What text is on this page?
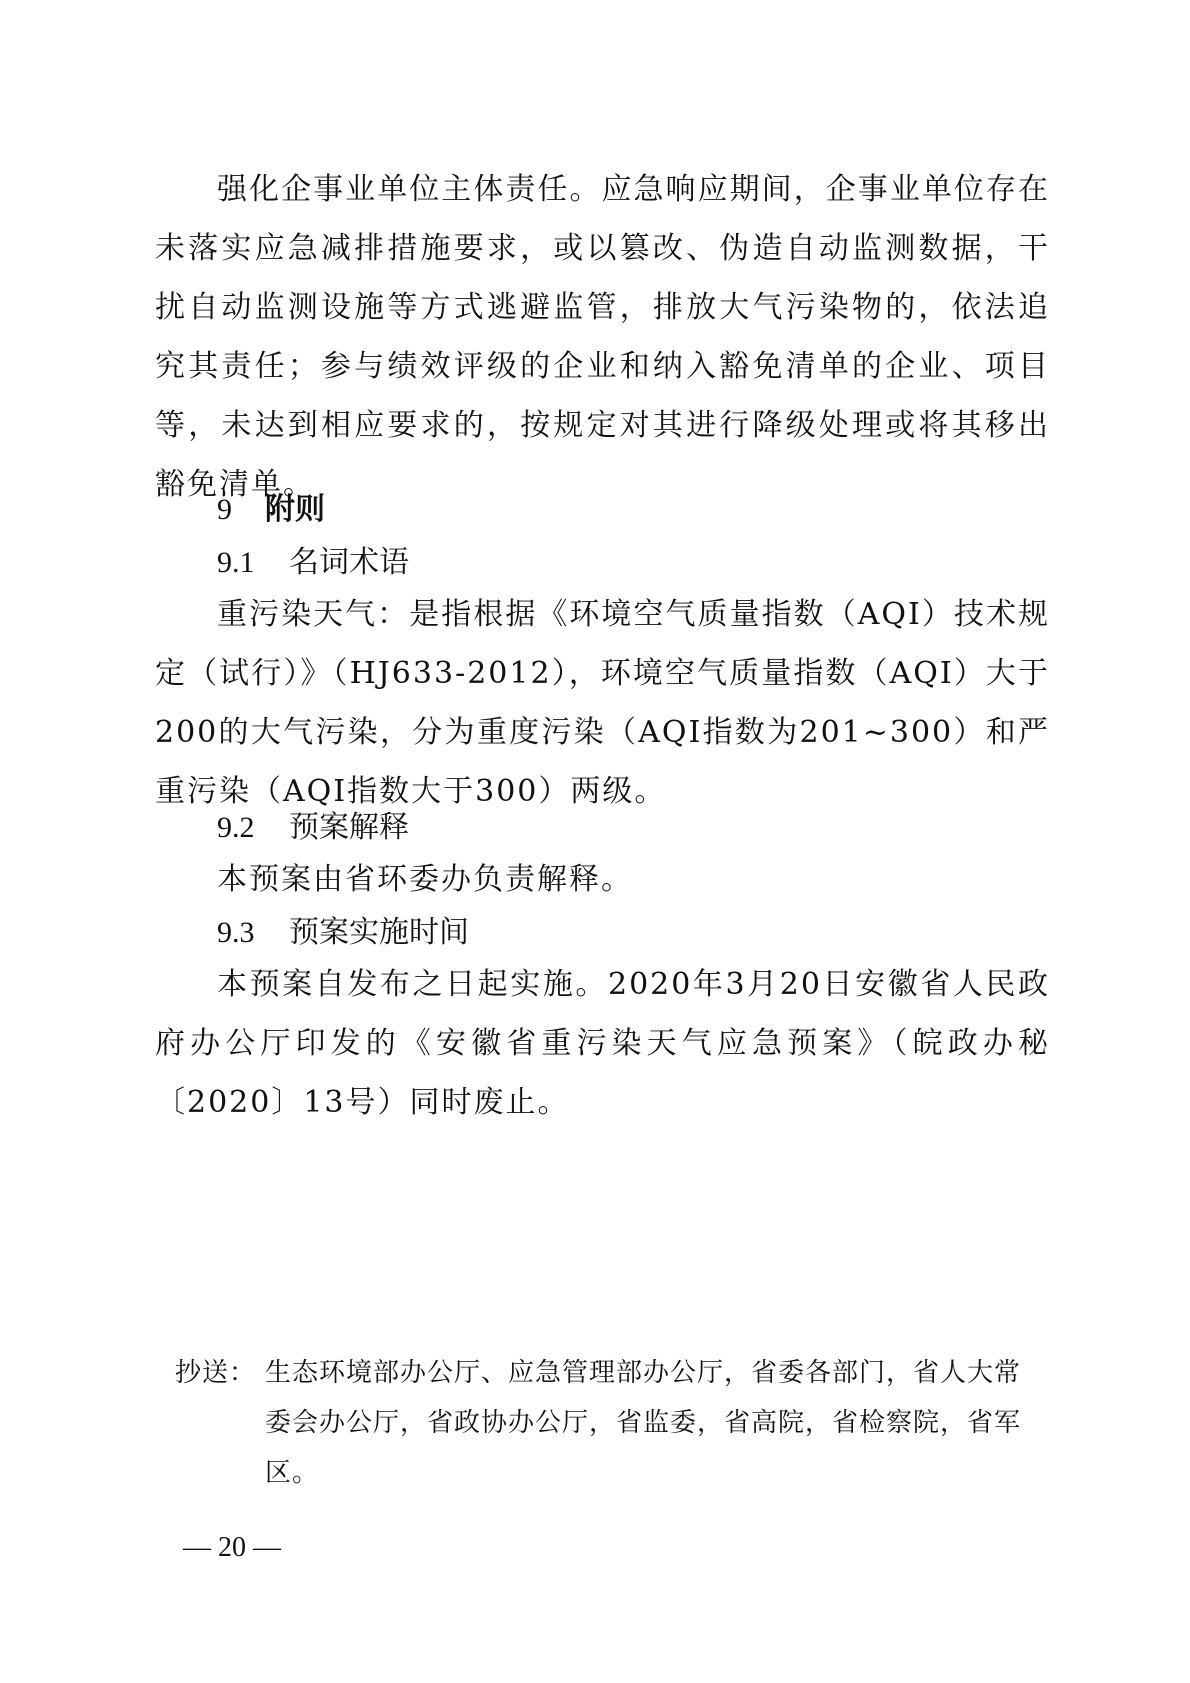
强化企事业单位主体责任。应急响应期间，企事业单位存在未落实应急减排措施要求，或以篡改、伪造自动监测数据，干扰自动监测设施等方式逃避监管，排放大气污染物的，依法追究其责任；参与绩效评级的企业和纳入豁免清单的企业、项目等，未达到相应要求的，按规定对其进行降级处理或将其移出豁免清单。

9 附则

9.1 名词术语

重污染天气：是指根据《环境空气质量指数（AQI）技术规定（试行）》（HJ633-2012），环境空气质量指数（AQI）大于200的大气污染，分为重度污染（AQI指数为201~300）和严重污染（AQI指数大于300）两级。

9.2 预案解释

本预案由省环委办负责解释。

9.3 预案实施时间

本预案自发布之日起实施。2020年3月20日安徽省人民政府办公厅印发的《安徽省重污染天气应急预案》（皖政办秘〔2020〕13号）同时废止。

抄送： 生态环境部办公厅、应急管理部办公厅，省委各部门，省人大常委会办公厅，省政协办公厅，省监委，省高院，省检察院，省军区。
— 20 —
